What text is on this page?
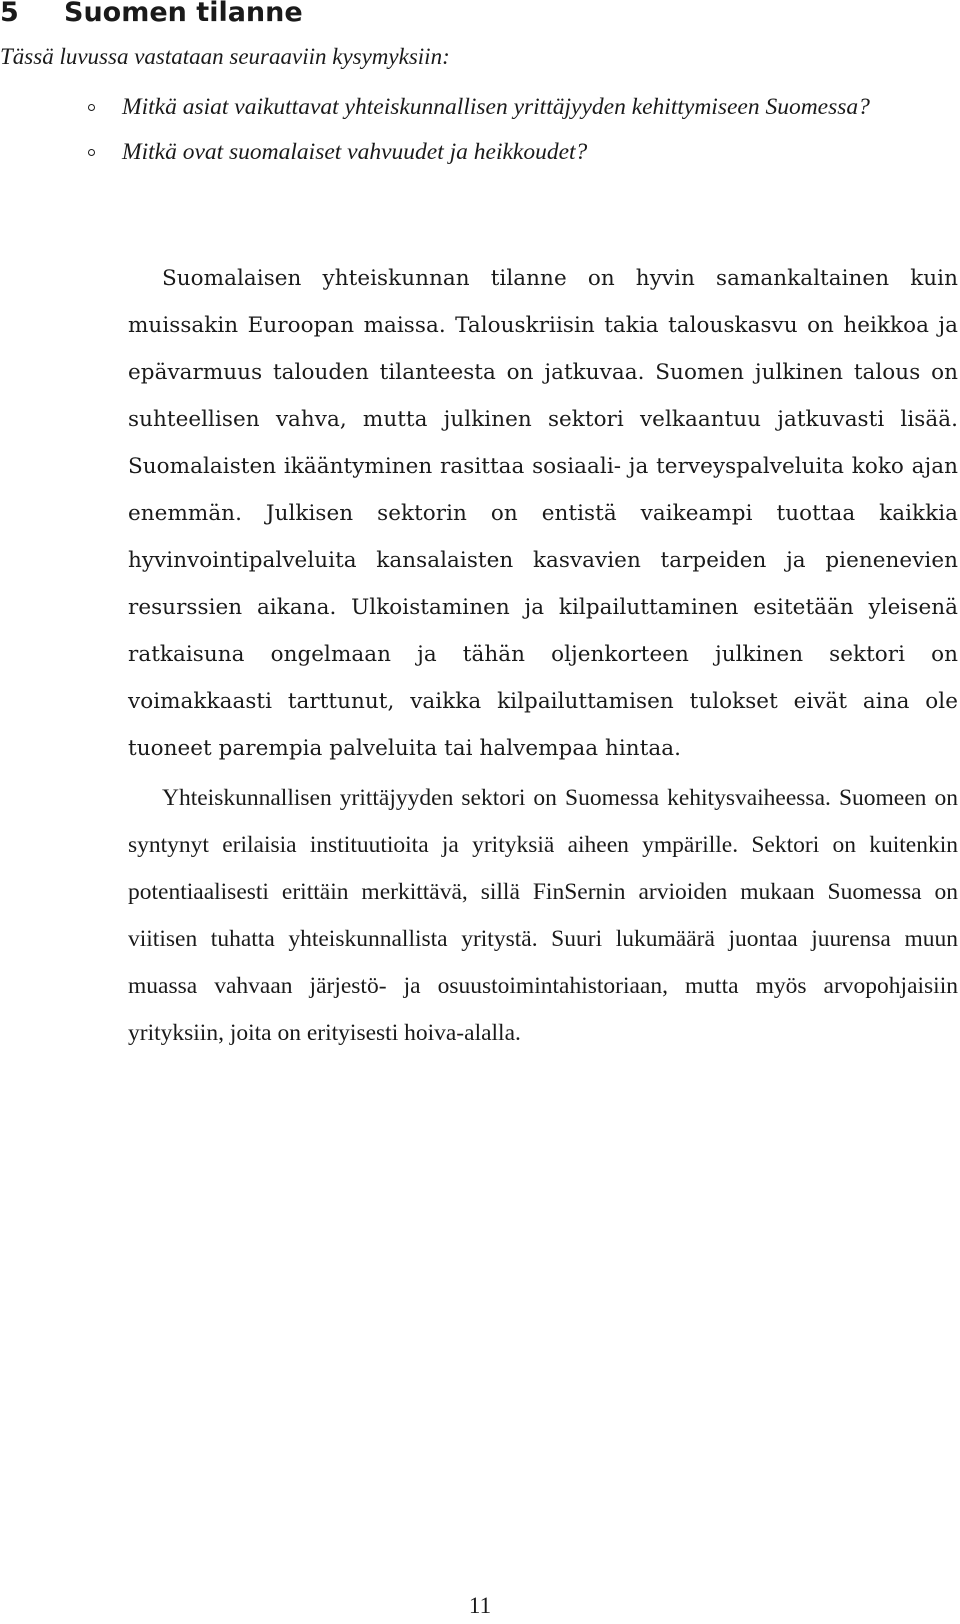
5 Suomen tilanne

Tässä luvussa vastataan seuraaviin kysymyksiin:

Mitkä asiat vaikuttavat yhteiskunnallisen yrittäjyyden kehittymiseen Suomessa?
Mitkä ovat suomalaiset vahvuudet ja heikkoudet?

Suomalaisen yhteiskunnan tilanne on hyvin samankaltainen kuin muissakin Euroopan maissa. Talouskriisin takia talouskasvu on heikkoa ja epävarmuus talouden tilanteesta on jatkuvaa. Suomen julkinen talous on suhteellisen vahva, mutta julkinen sektori velkaantuu jatkuvasti lisää. Suomalaisten ikääntyminen rasittaa sosiaali- ja terveyspalveluita koko ajan enemmän. Julkisen sektorin on entistä vaikeampi tuottaa kaikkia hyvinvointipalveluita kansalaisten kasvavien tarpeiden ja pienenevien resurssien aikana. Ulkoistaminen ja kilpailuttaminen esitetään yleisenä ratkaisuna ongelmaan ja tähän oljenkorteen julkinen sektori on voimakkaasti tarttunut, vaikka kilpailuttamisen tulokset eivät aina ole tuoneet parempia palveluita tai halvempaa hintaa.

Yhteiskunnallisen yrittäjyyden sektori on Suomessa kehitysvaiheessa. Suomeen on syntynyt erilaisia instituutioita ja yrityksiä aiheen ympärille. Sektori on kuitenkin potentiaalisesti erittäin merkittävä, sillä FinSernin arvioiden mukaan Suomessa on viitisen tuhatta yhteiskunnallista yritystä. Suuri lukumäärä juontaa juurensa muun muassa vahvaan järjestö- ja osuustoimintahistoriaan, mutta myös arvopohjaisiin yrityksiin, joita on erityisesti hoiva-alalla.

11
